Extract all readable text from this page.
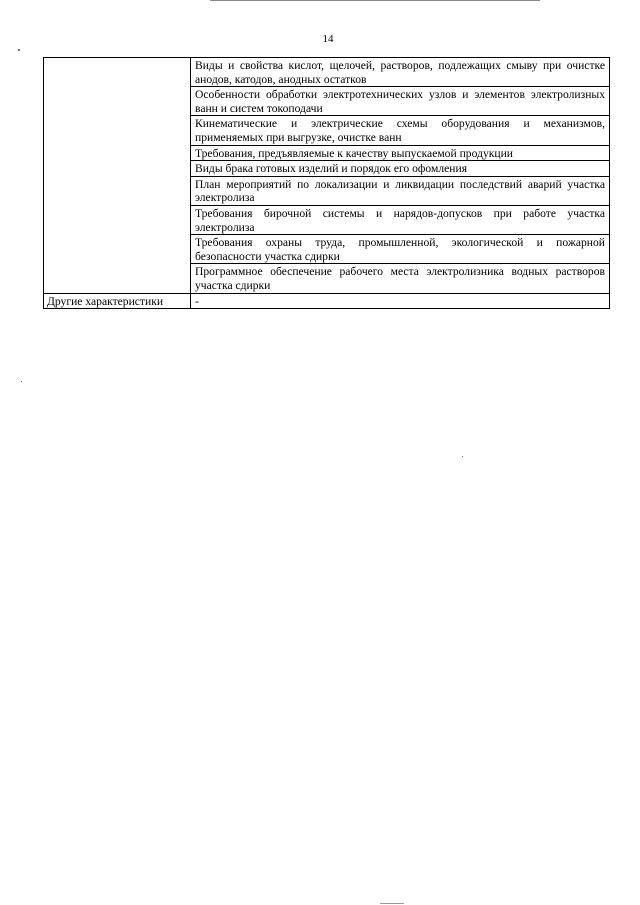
14
	Виды и свойства кислот, щелочей, растворов, подлежащих смыву при очистке анодов, катодов, анодных остатков
	Особенности обработки электротехнических узлов и элементов электролизных ванн и систем токоподачи
	Кинематические и электрические схемы оборудования и механизмов, применяемых при выгрузке, очистке ванн
	Требования, предъявляемые к качеству выпускаемой продукции
	Виды брака готовых изделий и порядок его офомления
	План мероприятий по локализации и ликвидации последствий аварий участка электролиза
	Требования бирочной системы и нарядов-допусков при работе участка электролиза
	Требования охраны труда, промышленной, экологической и пожарной безопасности участка сдирки
	Программное обеспечение рабочего места электролизника водных растворов участка сдирки
Другие характеристики	-
